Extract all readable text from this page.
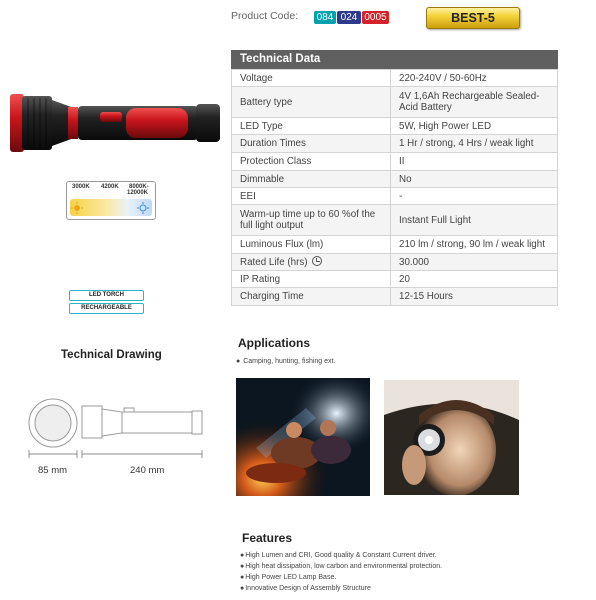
Product Code: 084 024 0005	BEST-5
3000K 4200K 8000K-
12000K
LED TORCH
RECHARGEABLE
Technical Data
Voltage	220-240V / 50-60Hz
Battery type	4V 1,6Ah Rechargeable Sealed-Acid Battery
LED Type	5W, High Power LED
Duration Times	1 Hr / strong, 4 Hrs / weak light
Protection Class	II
Dimmable	No
EEI	-
Warm-up time up to 60 %of the full light output	Instant Full Light
Luminous Flux (lm)	210 lm / strong, 90 lm / weak light
Rated Life (hrs)	30.000
IP Rating	20
Charging Time	12-15 Hours
Technical Drawing
85 mm	240 mm
Applications
● Camping, hunting, fishing ext.
Features
●High Lumen and CRI, Good quality & Constant Current driver.
●High heat dissipation, low carbon and environmental protection.
●High Power LED Lamp Base.
●Innovative Design of Assembly Structure
